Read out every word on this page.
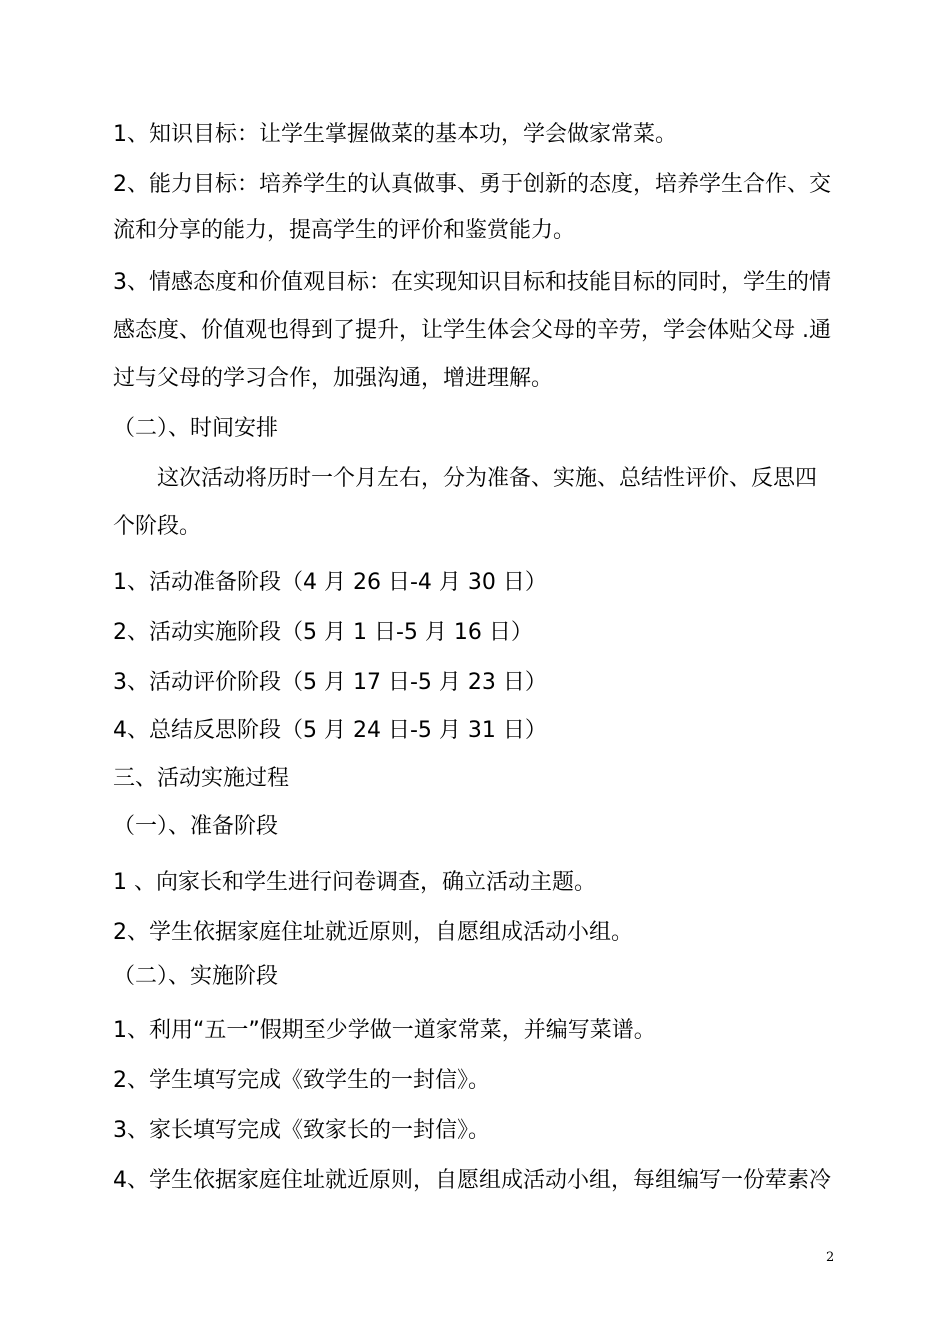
1、知识目标：让学生掌握做菜的基本功，学会做家常菜。
2、能力目标：培养学生的认真做事、勇于创新的态度，培养学生合作、交
流和分享的能力，提高学生的评价和鉴赏能力。
3、情感态度和价值观目标：在实现知识目标和技能目标的同时，学生的情
感态度、价值观也得到了提升，让学生体会父母的辛劳，学会体贴父母 .通
过与父母的学习合作，加强沟通，增进理解。
（二）、时间安排
这次活动将历时一个月左右，分为准备、实施、总结性评价、反思四
个阶段。
1、活动准备阶段（4 月 26 日-4 月 30 日）
2、活动实施阶段（5 月 1 日-5 月 16 日）
3、活动评价阶段（5 月 17 日-5 月 23 日）
4、总结反思阶段（5 月 24 日-5 月 31 日）
三、活动实施过程
（一）、准备阶段
1 、向家长和学生进行问卷调查，确立活动主题。
2、学生依据家庭住址就近原则，自愿组成活动小组。
（二）、实施阶段
1、利用“五一”假期至少学做一道家常菜，并编写菜谱。
2、学生填写完成《致学生的一封信》。
3、家长填写完成《致家长的一封信》。
4、学生依据家庭住址就近原则，自愿组成活动小组，每组编写一份荤素冷
2
